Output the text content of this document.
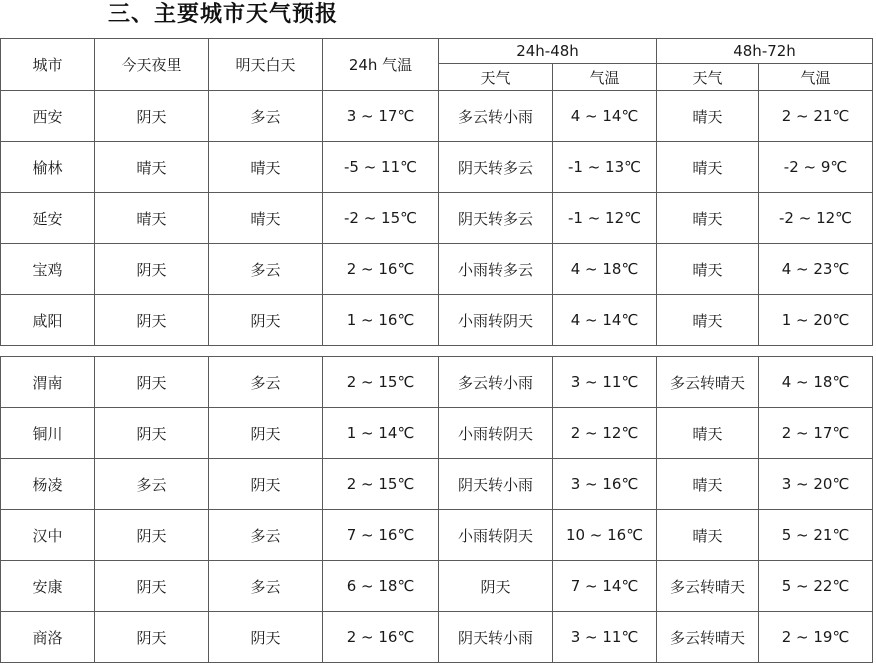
三、主要城市天气预报
城市	今天夜里	明天白天	24h 气温	24h-48h		48h-72h	
				天气	气温	天气	气温
西安	阴天	多云	3 ~ 17℃	多云转小雨	4 ~ 14℃	晴天	2 ~ 21℃
榆林	晴天	晴天	-5 ~ 11℃	阴天转多云	-1 ~ 13℃	晴天	-2 ~ 9℃
延安	晴天	晴天	-2 ~ 15℃	阴天转多云	-1 ~ 12℃	晴天	-2 ~ 12℃
宝鸡	阴天	多云	2 ~ 16℃	小雨转多云	4 ~ 18℃	晴天	4 ~ 23℃
咸阳	阴天	阴天	1 ~ 16℃	小雨转阴天	4 ~ 14℃	晴天	1 ~ 20℃

渭南	阴天	多云	2 ~ 15℃	多云转小雨	3 ~ 11℃	多云转晴天	4 ~ 18℃
铜川	阴天	阴天	1 ~ 14℃	小雨转阴天	2 ~ 12℃	晴天	2 ~ 17℃
杨凌	多云	阴天	2 ~ 15℃	阴天转小雨	3 ~ 16℃	晴天	3 ~ 20℃
汉中	阴天	多云	7 ~ 16℃	小雨转阴天	10 ~ 16℃	晴天	5 ~ 21℃
安康	阴天	多云	6 ~ 18℃	阴天	7 ~ 14℃	多云转晴天	5 ~ 22℃
商洛	阴天	阴天	2 ~ 16℃	阴天转小雨	3 ~ 11℃	多云转晴天	2 ~ 19℃
